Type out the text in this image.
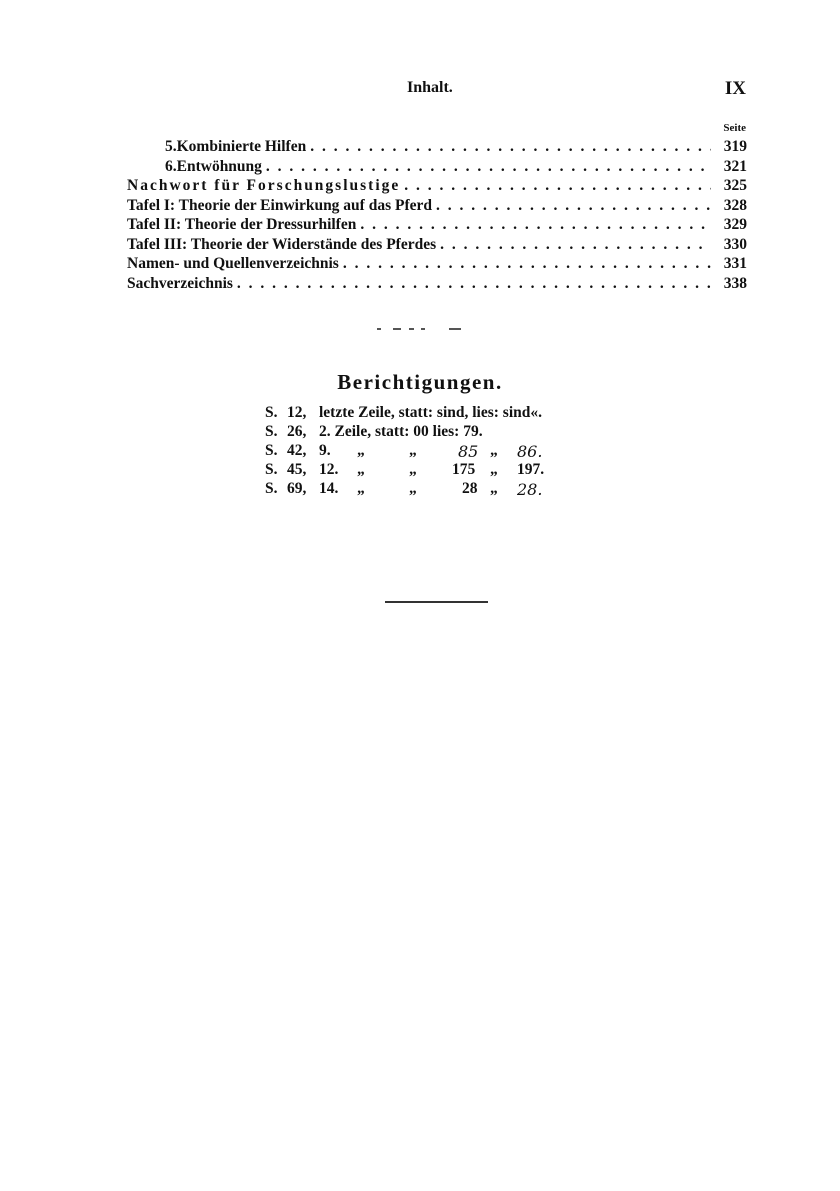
Inhalt.	IX
Seite
5. Kombinierte Hilfen . . .	319
6. Entwöhnung . . .	321
Nachwort für Forschungslustige . . .	325
Tafel I: Theorie der Einwirkung auf das Pferd . . .	328
Tafel II: Theorie der Dressurhilfen . . .	329
Tafel III: Theorie der Widerstände des Pferdes . . .	330
Namen- und Quellenverzeichnis . . .	331
Sachverzeichnis . . .	338
Berichtigungen.
S. 12, letzte Zeile, statt: sind, lies: sind«.
S. 26, 2. Zeile, statt: 00 lies: 79.
S. 42, 9. „	„	85 „ 86.
S. 45, 12. „	„ 175 „ 197.
S. 69, 14. „	„	28 „ 28.
